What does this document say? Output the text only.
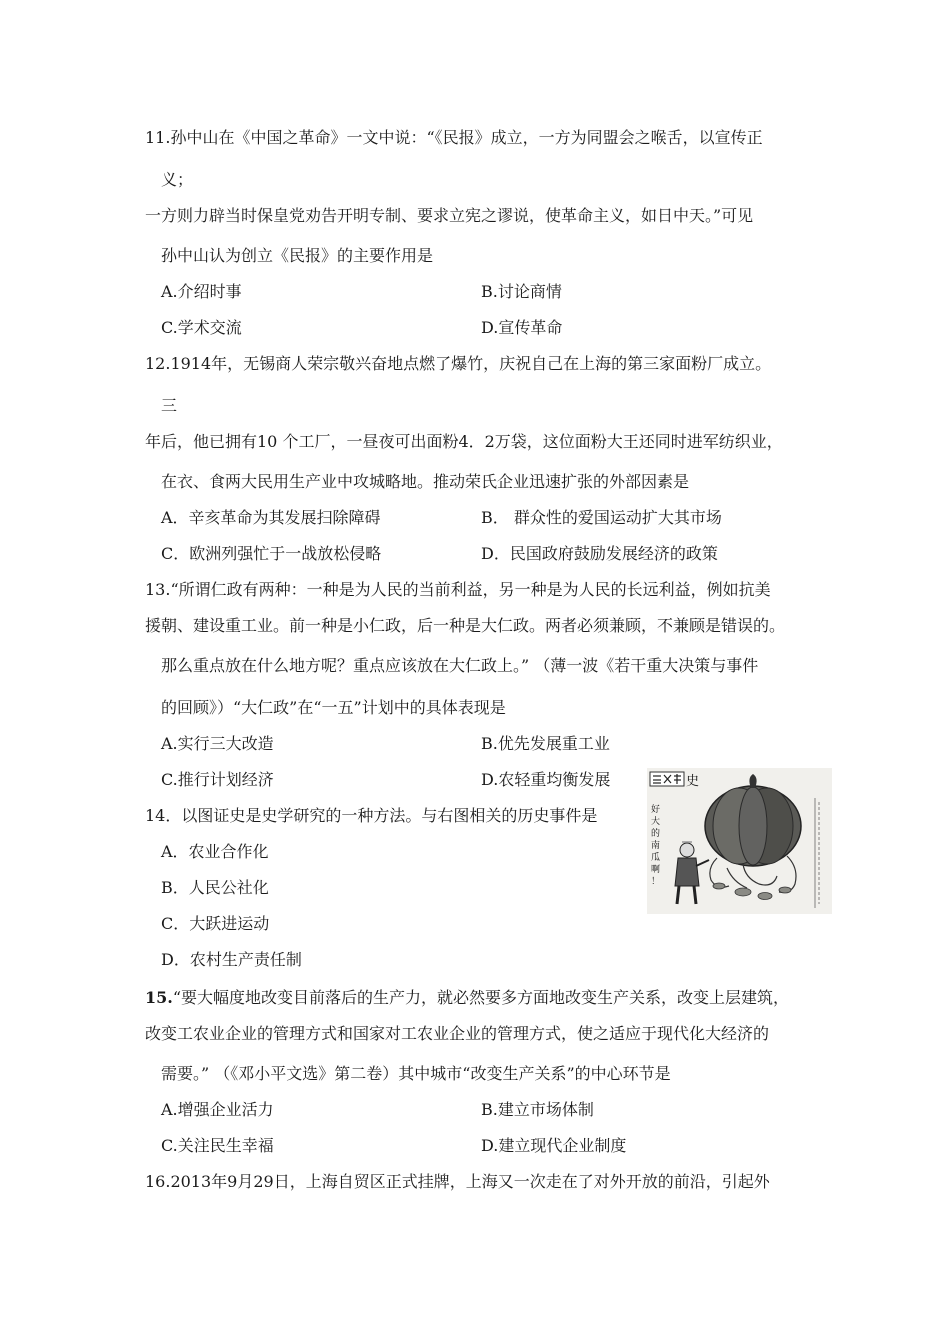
11.孙中山在《中国之革命》一文中说：“《民报》成立，一方为同盟会之喉舌，以宣传正
义；
一方则力辟当时保皇党劝告开明专制、要求立宪之谬说，使革命主义，如日中天。”可见
孙中山认为创立《民报》的主要作用是
A.介绍时事	B.讨论商情
C.学术交流	D.宣传革命
12.1914年，无锡商人荣宗敬兴奋地点燃了爆竹，庆祝自己在上海的第三家面粉厂成立。
三
年后，他已拥有10 个工厂，一昼夜可出面粉4．2万袋，这位面粉大王还同时进军纺织业，
在衣、食两大民用生产业中攻城略地。推动荣氏企业迅速扩张的外部因素是
A．辛亥革命为其发展扫除障碍	B． 群众性的爱国运动扩大其市场
C．欧洲列强忙于一战放松侵略	D．民国政府鼓励发展经济的政策
13.“所谓仁政有两种：一种是为人民的当前利益，另一种是为人民的长远利益，例如抗美
援朝、建设重工业。前一种是小仁政，后一种是大仁政。两者必须兼顾，不兼顾是错误的。
那么重点放在什么地方呢？重点应该放在大仁政上。” （薄一波《若干重大决策与事件
的回顾》）“大仁政”在“一五”计划中的具体表现是
A.实行三大改造	B.优先发展重工业
C.推行计划经济	D.农轻重均衡发展
14．以图证史是史学研究的一种方法。与右图相关的历史事件是
A．农业合作化
B．人民公社化
C．大跃进运动
D．农村生产责任制
史
好
大
的
南
瓜
啊
！
15.“要大幅度地改变目前落后的生产力，就必然要多方面地改变生产关系，改变上层建筑，
改变工农业企业的管理方式和国家对工农业企业的管理方式，使之适应于现代化大经济的
需要。” （《邓小平文选》第二卷）其中城市“改变生产关系”的中心环节是
A.增强企业活力	B.建立市场体制
C.关注民生幸福	D.建立现代企业制度
16.2013年9月29日，上海自贸区正式挂牌，上海又一次走在了对外开放的前沿，引起外
